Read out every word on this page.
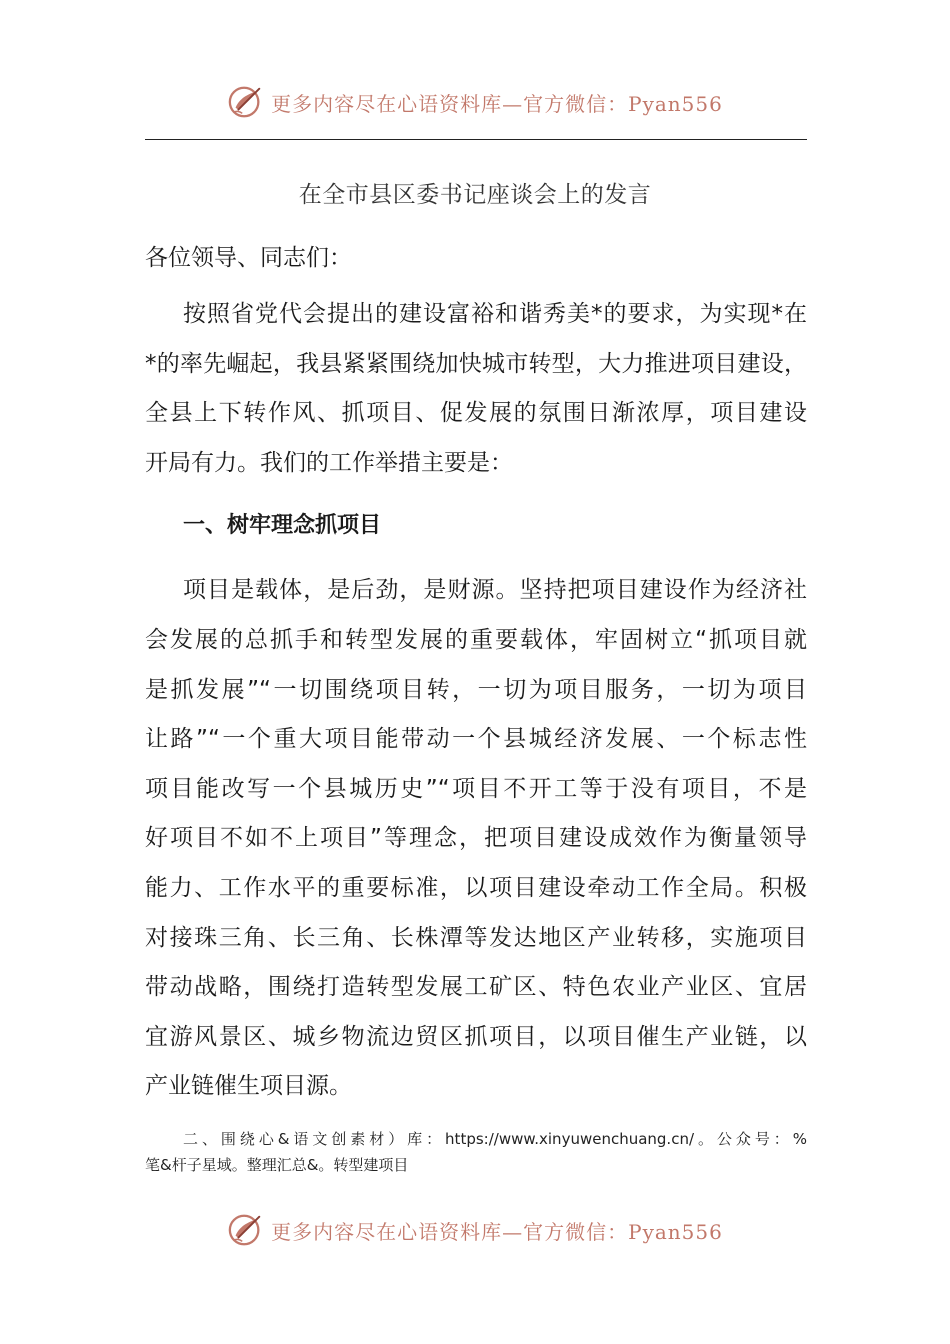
更多内容尽在心语资料库—官方微信：Pyan556
在全市县区委书记座谈会上的发言
各位领导、同志们：
按照省党代会提出的建设富裕和谐秀美*的要求，为实现*在
*的率先崛起，我县紧紧围绕加快城市转型，大力推进项目建设，
全县上下转作风、抓项目、促发展的氛围日渐浓厚，项目建设
开局有力。我们的工作举措主要是：
一、树牢理念抓项目
项目是载体，是后劲，是财源。坚持把项目建设作为经济社
会发展的总抓手和转型发展的重要载体，牢固树立“抓项目就
是抓发展”“一切围绕项目转，一切为项目服务，一切为项目
让路”“一个重大项目能带动一个县城经济发展、一个标志性
项目能改写一个县城历史”“项目不开工等于没有项目，不是
好项目不如不上项目”等理念，把项目建设成效作为衡量领导
能力、工作水平的重要标准，以项目建设牵动工作全局。积极
对接珠三角、长三角、长株潭等发达地区产业转移，实施项目
带动战略，围绕打造转型发展工矿区、特色农业产业区、宜居
宜游风景区、城乡物流边贸区抓项目，以项目催生产业链，以
产业链催生项目源。
二、围绕心&语文创素材）库：https://www.xinyuwenchuang.cn/。公众号：%
笔&杆子星域。整理汇总&。转型建项目
更多内容尽在心语资料库—官方微信：Pyan556
